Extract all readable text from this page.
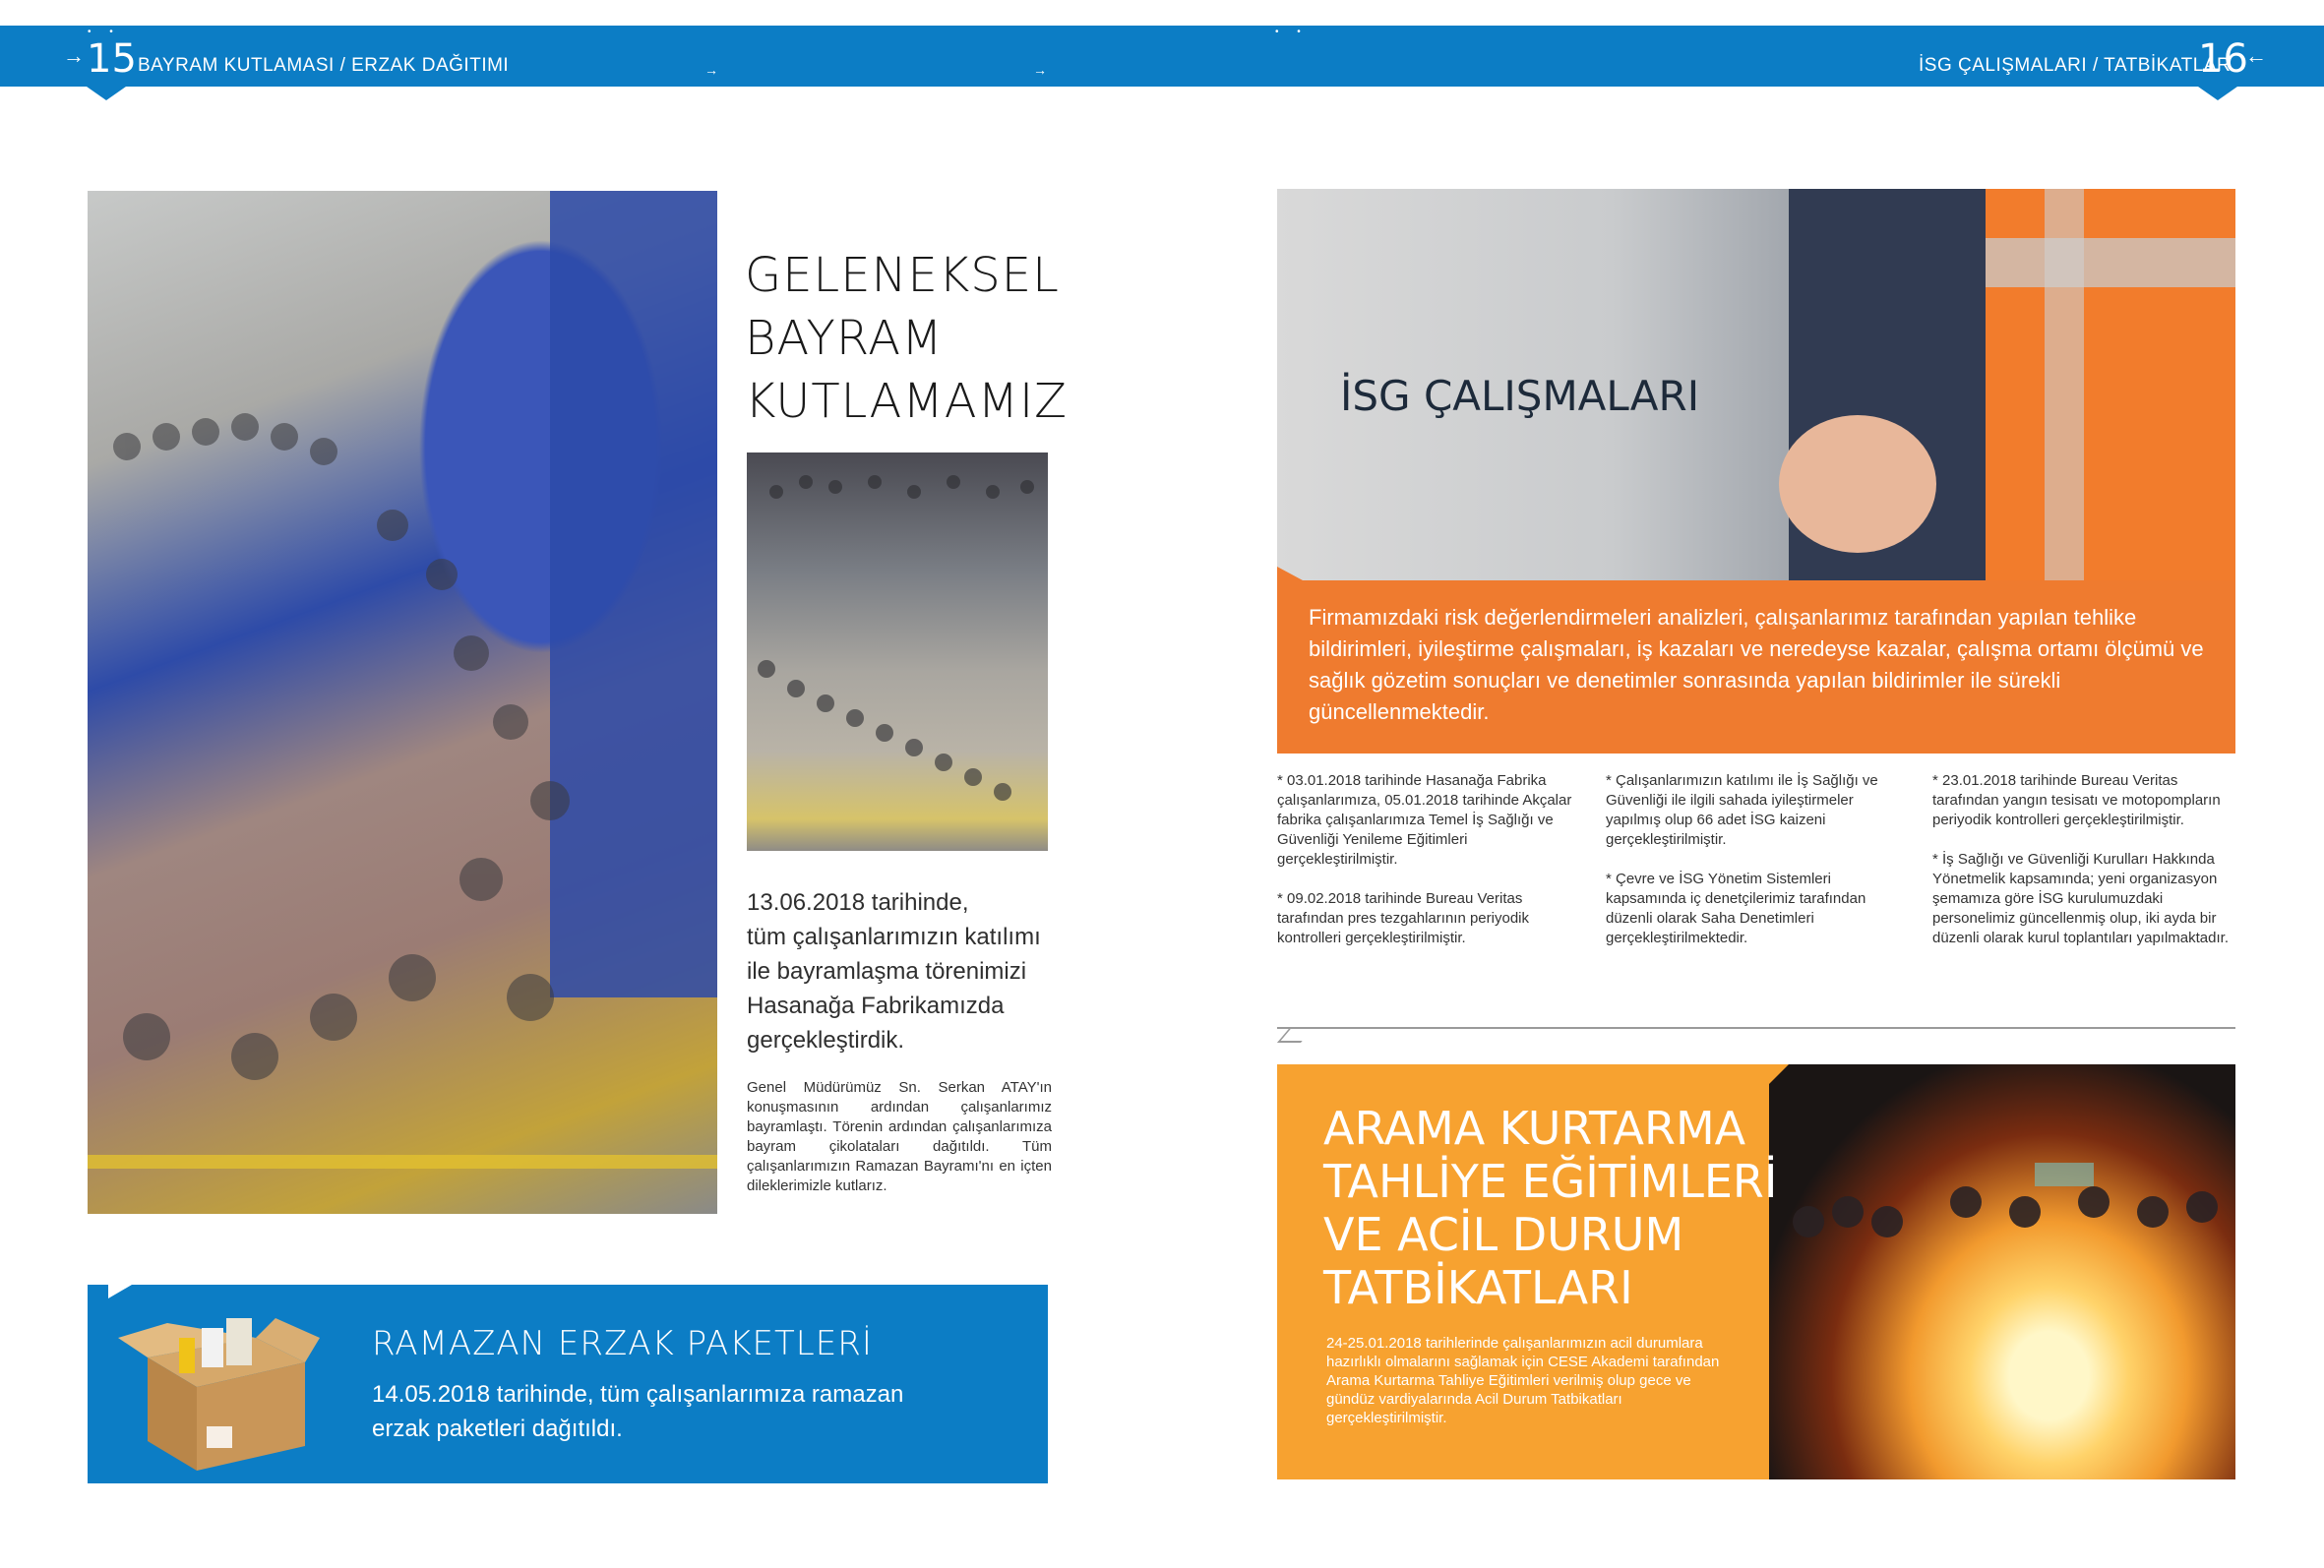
• •	• •
→ 15 BAYRAM KUTLAMASI / ERZAK DAĞITIMI	→	→	İSG ÇALIŞMALARI / TATBİKATLAR
16
←
GELENEKSEL
BAYRAM
KUTLAMAMIZ
13.06.2018 tarihinde,
tüm çalışanlarımızın katılımı
ile bayramlaşma törenimizi
Hasanağa Fabrikamızda
gerçekleştirdik.
Genel Müdürümüz Sn. Serkan ATAY'ın konuşmasının ardından çalışanlarımız bayramlaştı. Törenin ardından çalışanlarımıza bayram çikolataları dağıtıldı. Tüm çalışanlarımızın Ramazan Bayramı'nı en içten dileklerimizle kutlarız.
RAMAZAN ERZAK PAKETLERİ
14.05.2018 tarihinde, tüm çalışanlarımıza ramazan
erzak paketleri dağıtıldı.
İSG ÇALIŞMALARI
Firmamızdaki risk değerlendirmeleri analizleri, çalışanlarımız tarafından yapılan tehlike bildirimleri, iyileştirme çalışmaları, iş kazaları ve neredeyse kazalar, çalışma ortamı ölçümü ve sağlık gözetim sonuçları ve denetimler sonrasında yapılan bildirimler ile sürekli güncellenmektedir.
* 03.01.2018 tarihinde Hasanağa Fabrika çalışanlarımıza, 05.01.2018 tarihinde Akçalar fabrika çalışanlarımıza Temel İş Sağlığı ve Güvenliği Yenileme Eğitimleri gerçekleştirilmiştir.
* 09.02.2018 tarihinde Bureau Veritas tarafından pres tezgahlarının periyodik kontrolleri gerçekleştirilmiştir.
* Çalışanlarımızın katılımı ile İş Sağlığı ve Güvenliği ile ilgili sahada iyileştirmeler yapılmış olup 66 adet İSG kaizeni gerçekleştirilmiştir.
* Çevre ve İSG Yönetim Sistemleri kapsamında iç denetçilerimiz tarafından düzenli olarak Saha Denetimleri gerçekleştirilmektedir.
* 23.01.2018 tarihinde Bureau Veritas tarafından yangın tesisatı ve motopompların periyodik kontrolleri gerçekleştirilmiştir.
* İş Sağlığı ve Güvenliği Kurulları Hakkında Yönetmelik kapsamında; yeni organizasyon şemamıza göre İSG kurulumuzdaki personelimiz güncellenmiş olup, iki ayda bir düzenli olarak kurul toplantıları yapılmaktadır.
ARAMA KURTARMA
TAHLİYE EĞİTİMLERİ
VE ACİL DURUM
TATBİKATLARI
24-25.01.2018 tarihlerinde çalışanlarımızın acil durumlara hazırlıklı olmalarını sağlamak için CESE Akademi tarafından Arama Kurtarma Tahliye Eğitimleri verilmiş olup gece ve gündüz vardiyalarında Acil Durum Tatbikatları gerçekleştirilmiştir.
